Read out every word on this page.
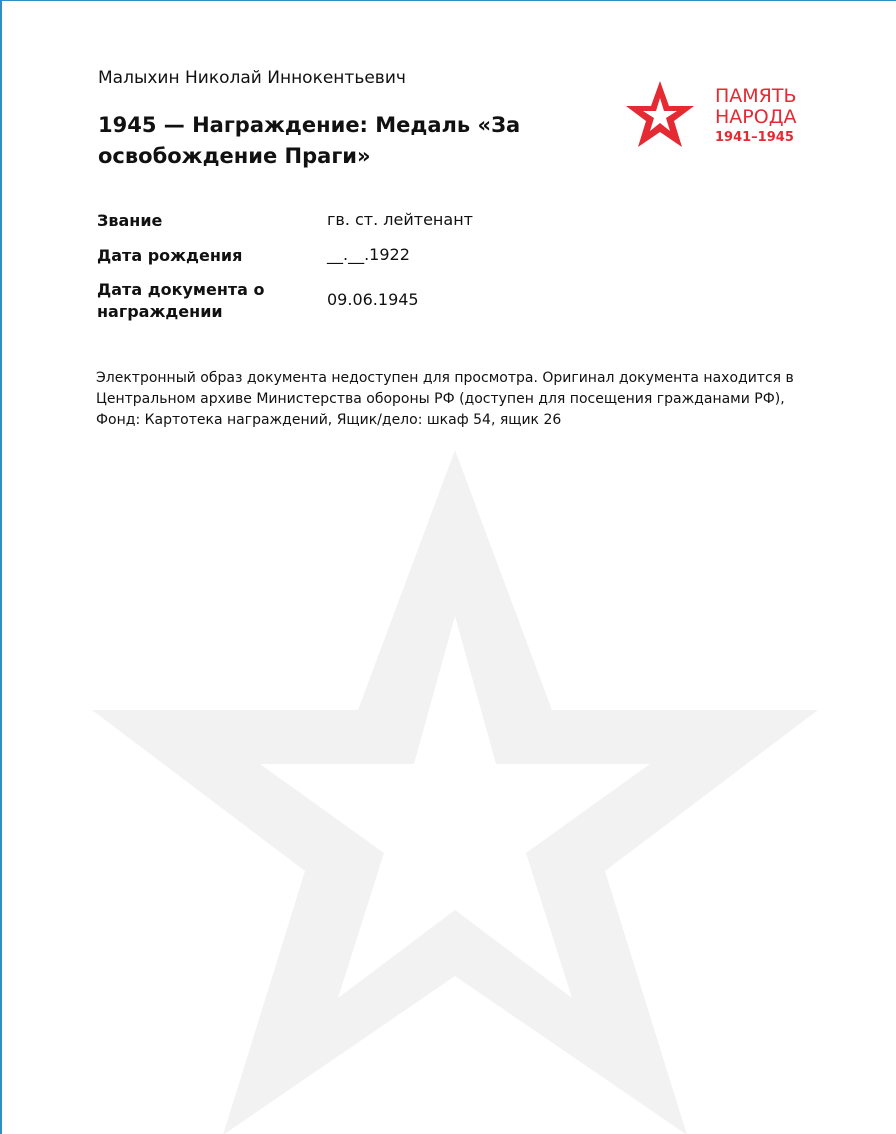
Малыхин Николай Иннокентьевич
1945 — Награждение: Медаль «За освобождение Праги»
ПАМЯТЬ
НАРОДА
1941–1945
Звание	гв. ст. лейтенант
Дата рождения	__.__.1922
Дата документа о награждении
09.06.1945
Электронный образ документа недоступен для просмотра. Оригинал документа находится в Центральном архиве Министерства обороны РФ (доступен для посещения гражданами РФ), Фонд: Картотека награждений, Ящик/дело: шкаф 54, ящик 26
